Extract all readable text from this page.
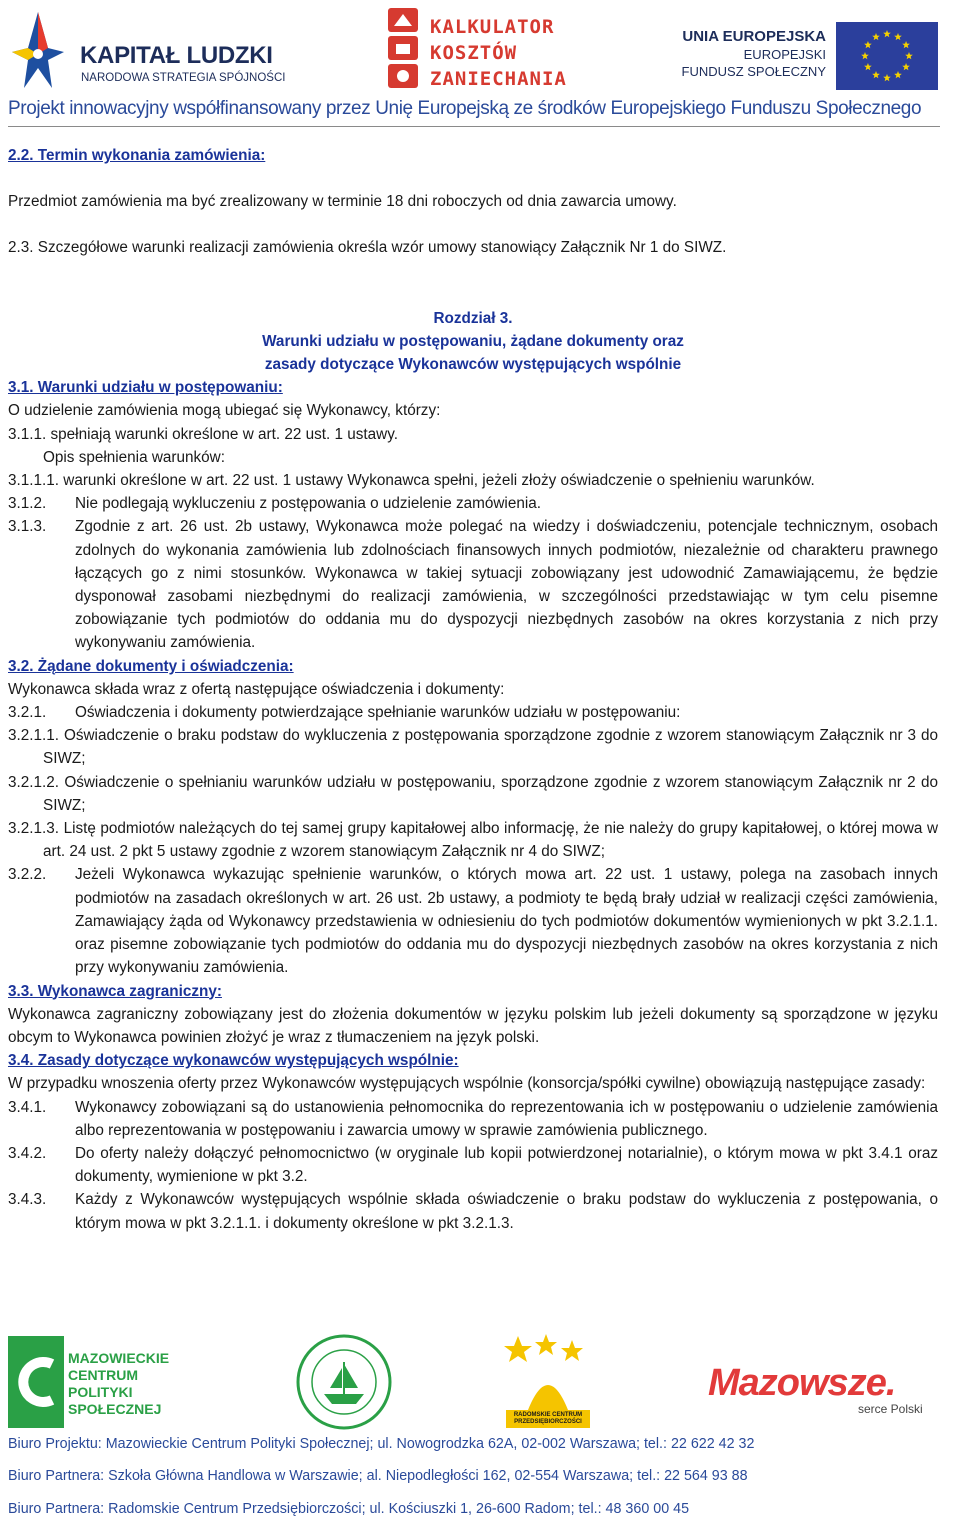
KAPITAŁ LUDZKI
NARODOWA STRATEGIA SPÓJNOŚCI
KALKULATOR
KOSZTÓW
ZANIECHANIA
UNIA EUROPEJSKA
EUROPEJSKI
FUNDUSZ SPOŁECZNY
Projekt innowacyjny współfinansowany przez Unię Europejską ze środków Europejskiego Funduszu Społecznego

2.2. Termin wykonania zamówienia:

Przedmiot zamówienia ma być zrealizowany w terminie 18 dni roboczych od dnia zawarcia umowy.

2.3. Szczegółowe warunki realizacji zamówienia określa wzór umowy stanowiący Załącznik Nr 1 do SIWZ.

Rozdział 3.

Warunki udziału w postępowaniu, żądane dokumenty oraz

zasady dotyczące Wykonawców występujących wspólnie

3.1. Warunki udziału w postępowaniu:

O udzielenie zamówienia mogą ubiegać się Wykonawcy, którzy:

3.1.1. spełniają warunki określone w art. 22 ust. 1 ustawy.

Opis spełnienia warunków:

3.1.1.1. warunki określone w art. 22 ust. 1 ustawy Wykonawca spełni, jeżeli złoży oświadczenie o spełnieniu warunków.

3.1.2.	Nie podlegają wykluczeniu z postępowania o udzielenie zamówienia.
3.1.3.	Zgodnie z art. 26 ust. 2b ustawy, Wykonawca może polegać na wiedzy i doświadczeniu, potencjale technicznym, osobach zdolnych do wykonania zamówienia lub zdolnościach finansowych innych podmiotów, niezależnie od charakteru prawnego łączących go z nimi stosunków. Wykonawca w takiej sytuacji zobowiązany jest udowodnić Zamawiającemu, że będzie dysponował zasobami niezbędnymi do realizacji zamówienia, w szczególności przedstawiając w tym celu pisemne zobowiązanie tych podmiotów do oddania mu do dyspozycji niezbędnych zasobów na okres korzystania z nich przy wykonywaniu zamówienia.

3.2. Żądane dokumenty i oświadczenia:

Wykonawca składa wraz z ofertą następujące oświadczenia i dokumenty:

3.2.1.	Oświadczenia i dokumenty potwierdzające spełnianie warunków udziału w postępowaniu:

3.2.1.1. Oświadczenie o braku podstaw do wykluczenia z postępowania sporządzone zgodnie z wzorem stanowiącym Załącznik nr 3 do SIWZ;

3.2.1.2. Oświadczenie o spełnianiu warunków udziału w postępowaniu, sporządzone zgodnie z wzorem stanowiącym Załącznik nr 2 do SIWZ;

3.2.1.3. Listę podmiotów należących do tej samej grupy kapitałowej albo informację, że nie należy do grupy kapitałowej, o której mowa w art. 24 ust. 2 pkt 5 ustawy zgodnie z wzorem stanowiącym Załącznik nr 4 do SIWZ;

3.2.2.	Jeżeli Wykonawca wykazując spełnienie warunków, o których mowa art. 22 ust. 1 ustawy, polega na zasobach innych podmiotów na zasadach określonych w art. 26 ust. 2b ustawy, a podmioty te będą brały udział w realizacji części zamówienia, Zamawiający żąda od Wykonawcy przedstawienia w odniesieniu do tych podmiotów dokumentów wymienionych w pkt 3.2.1.1. oraz pisemne zobowiązanie tych podmiotów do oddania mu do dyspozycji niezbędnych zasobów na okres korzystania z nich przy wykonywaniu zamówienia.

3.3. Wykonawca zagraniczny:

Wykonawca zagraniczny zobowiązany jest do złożenia dokumentów w języku polskim lub jeżeli dokumenty są sporządzone w języku obcym to Wykonawca powinien złożyć je wraz z tłumaczeniem na język polski.

3.4. Zasady dotyczące wykonawców występujących wspólnie:

W przypadku wnoszenia oferty przez Wykonawców występujących wspólnie (konsorcja/spółki cywilne) obowiązują następujące zasady:

3.4.1.	Wykonawcy zobowiązani są do ustanowienia pełnomocnika do reprezentowania ich w postępowaniu o udzielenie zamówienia albo reprezentowania w postępowaniu i zawarcia umowy w sprawie zamówienia publicznego.
3.4.2.	Do oferty należy dołączyć pełnomocnictwo (w oryginale lub kopii potwierdzonej notarialnie), o którym mowa w pkt 3.4.1 oraz dokumenty, wymienione w pkt 3.2.
3.4.3.	Każdy z Wykonawców występujących wspólnie składa oświadczenie o braku podstaw do wykluczenia z postępowania, o którym mowa w pkt 3.2.1.1. i dokumenty określone w pkt 3.2.1.3.
MAZOWIECKIE
CENTRUM
POLITYKI
SPOŁECZNEJ	RADOMSKIE CENTRUM PRZEDSIĘBIORCZOŚCI
Mazowsze.
serce Polski
Biuro Projektu: Mazowieckie Centrum Polityki Społecznej; ul. Nowogrodzka 62A, 02-002 Warszawa; tel.: 22 622 42 32
Biuro Partnera: Szkoła Główna Handlowa w Warszawie; al. Niepodległości 162, 02-554 Warszawa; tel.: 22 564 93 88
Biuro Partnera: Radomskie Centrum Przedsiębiorczości; ul. Kościuszki 1, 26-600 Radom; tel.: 48 360 00 45
